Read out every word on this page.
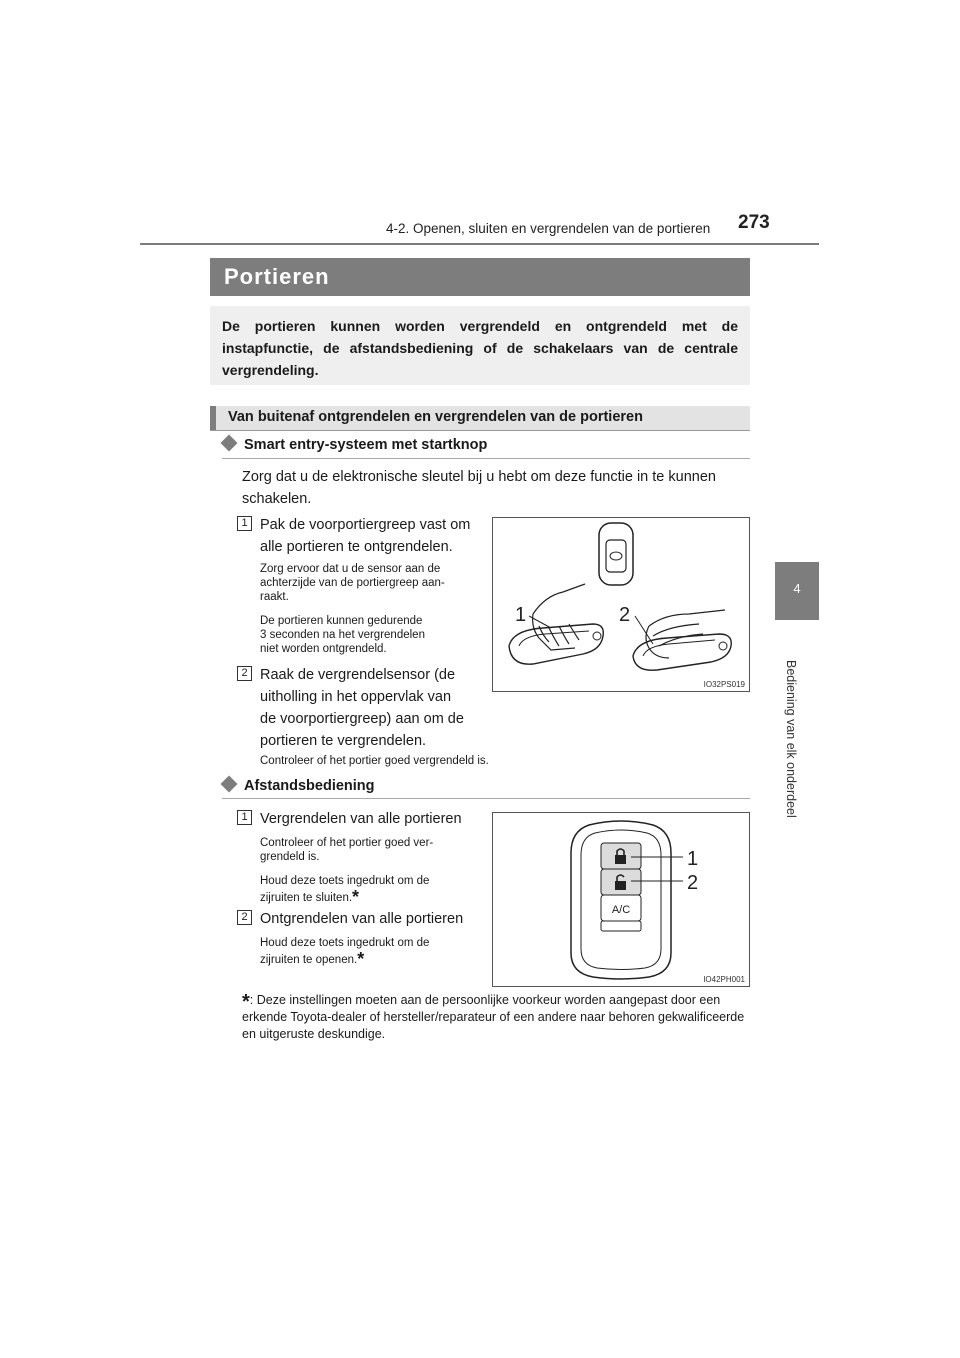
4-2. Openen, sluiten en vergrendelen van de portieren 273
4
Bediening van elk onderdeel
Portieren
De portieren kunnen worden vergrendeld en ontgrendeld met de instapfunctie, de afstandsbediening of de schakelaars van de centrale vergrendeling.
Van buitenaf ontgrendelen en vergrendelen van de portieren
Smart entry-systeem met startknop
Zorg dat u de elektronische sleutel bij u hebt om deze functie in te kunnen
schakelen.
1 Pak de voorportiergreep vast om
alle portieren te ontgrendelen.
Zorg ervoor dat u de sensor aan de
achterzijde van de portiergreep aan-
raakt.
De portieren kunnen gedurende
3 seconden na het vergrendelen
niet worden ontgrendeld.
2 Raak de vergrendelsensor (de
uitholling in het oppervlak van
de voorportiergreep) aan om de
portieren te vergrendelen.
Controleer of het portier goed vergrendeld is.
1	2
IO32PS019
Afstandsbediening
1 Vergrendelen van alle portieren
Controleer of het portier goed ver-
grendeld is.
Houd deze toets ingedrukt om de
zijruiten te sluiten.*
2 Ontgrendelen van alle portieren
Houd deze toets ingedrukt om de
zijruiten te openen.*
A/C
1
2
IO42PH001
*: Deze instellingen moeten aan de persoonlijke voorkeur worden aangepast door een erkende Toyota-dealer of hersteller/reparateur of een andere naar behoren gekwalificeerde en uitgeruste deskundige.
